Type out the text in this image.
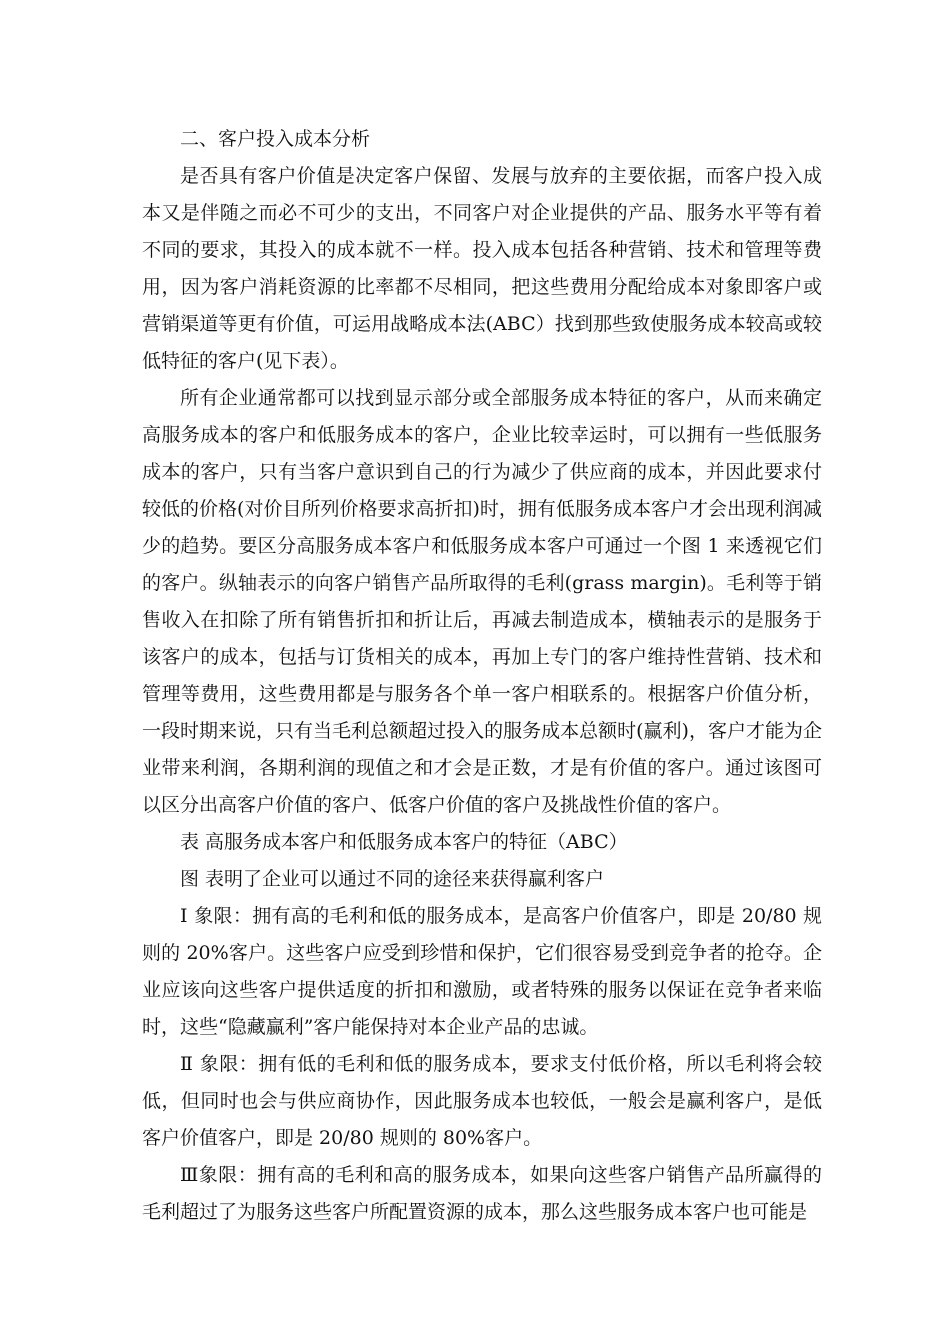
二、客户投入成本分析

是否具有客户价值是决定客户保留、发展与放弃的主要依据，而客户投入成本又是伴随之而必不可少的支出，不同客户对企业提供的产品、服务水平等有着不同的要求，其投入的成本就不一样。投入成本包括各种营销、技术和管理等费用，因为客户消耗资源的比率都不尽相同，把这些费用分配给成本对象即客户或营销渠道等更有价值，可运用战略成本法(ABC）找到那些致使服务成本较高或较低特征的客户(见下表）。

所有企业通常都可以找到显示部分或全部服务成本特征的客户，从而来确定高服务成本的客户和低服务成本的客户，企业比较幸运时，可以拥有一些低服务成本的客户，只有当客户意识到自己的行为减少了供应商的成本，并因此要求付较低的价格(对价目所列价格要求高折扣)时，拥有低服务成本客户才会出现利润减少的趋势。要区分高服务成本客户和低服务成本客户可通过一个图 1 来透视它们的客户。纵轴表示的向客户销售产品所取得的毛利(grass margin)。毛利等于销售收入在扣除了所有销售折扣和折让后，再减去制造成本，横轴表示的是服务于该客户的成本，包括与订货相关的成本，再加上专门的客户维持性营销、技术和管理等费用，这些费用都是与服务各个单一客户相联系的。根据客户价值分析，一段时期来说，只有当毛利总额超过投入的服务成本总额时(赢利)，客户才能为企业带来利润，各期利润的现值之和才会是正数，才是有价值的客户。通过该图可以区分出高客户价值的客户、低客户价值的客户及挑战性价值的客户。

表 高服务成本客户和低服务成本客户的特征（ABC）

图 表明了企业可以通过不同的途径来获得赢利客户

Ⅰ 象限：拥有高的毛利和低的服务成本，是高客户价值客户，即是 20/80 规则的 20%客户。这些客户应受到珍惜和保护，它们很容易受到竞争者的抢夺。企业应该向这些客户提供适度的折扣和激励，或者特殊的服务以保证在竞争者来临时，这些“隐藏赢利”客户能保持对本企业产品的忠诚。

Ⅱ 象限：拥有低的毛利和低的服务成本，要求支付低价格，所以毛利将会较低，但同时也会与供应商协作，因此服务成本也较低，一般会是赢利客户，是低客户价值客户，即是 20/80 规则的 80%客户。

Ⅲ象限：拥有高的毛利和高的服务成本，如果向这些客户销售产品所赢得的毛利超过了为服务这些客户所配置资源的成本，那么这些服务成本客户也可能是
